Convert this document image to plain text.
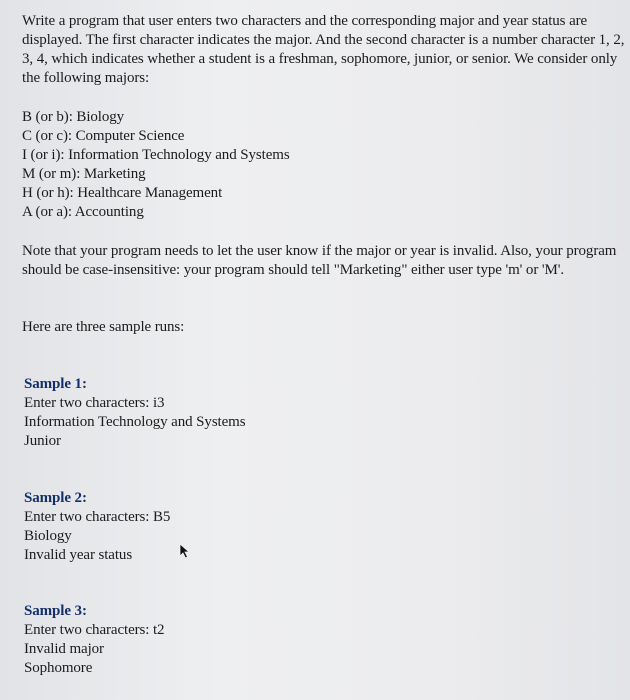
Write a program that user enters two characters and the corresponding major and year status are displayed. The first character indicates the major. And the second character is a number character 1, 2, 3, 4, which indicates whether a student is a freshman, sophomore, junior, or senior. We consider only the following majors:

B (or b): Biology
C (or c): Computer Science
I (or i): Information Technology and Systems
M (or m): Marketing
H (or h): Healthcare Management
A (or a): Accounting

Note that your program needs to let the user know if the major or year is invalid. Also, your program should be case-insensitive: your program should tell "Marketing" either user type 'm' or 'M'.

Here are three sample runs:

Sample 1:
Enter two characters: i3
Information Technology and Systems
Junior
Sample 2:
Enter two characters: B5
Biology
Invalid year status
Sample 3:
Enter two characters: t2
Invalid major
Sophomore
